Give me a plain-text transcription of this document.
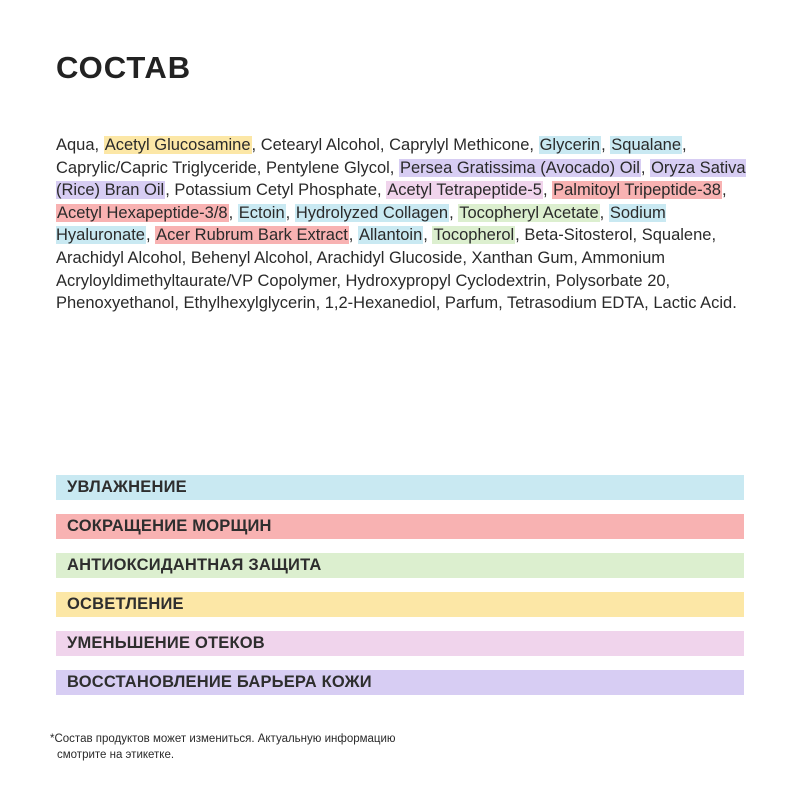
СОСТАВ

Aqua, Acetyl Glucosamine, Cetearyl Alcohol, Caprylyl Methicone, Glycerin, Squalane, Caprylic/Capric Triglyceride, Pentylene Glycol, Persea Gratissima (Avocado) Oil, Oryza Sativa (Rice) Bran Oil, Potassium Cetyl Phosphate, Acetyl Tetrapeptide-5, Palmitoyl Tripeptide-38, Acetyl Hexapeptide-3/8, Ectoin, Hydrolyzed Collagen, Tocopheryl Acetate, Sodium Hyaluronate, Acer Rubrum Bark Extract, Allantoin, Tocopherol, Beta-Sitosterol, Squalene, Arachidyl Alcohol, Behenyl Alcohol, Arachidyl Glucoside, Xanthan Gum, Ammonium Acryloyldimethyltaurate/VP Copolymer, Hydroxypropyl Cyclodextrin, Polysorbate 20, Phenoxyethanol, Ethylhexylglycerin, 1,2-Hexanediol, Parfum, Tetrasodium EDTA, Lactic Acid.

УВЛАЖНЕНИЕ
СОКРАЩЕНИЕ МОРЩИН
АНТИОКСИДАНТНАЯ ЗАЩИТА
ОСВЕТЛЕНИЕ
УМЕНЬШЕНИЕ ОТЕКОВ
ВОССТАНОВЛЕНИЕ БАРЬЕРА КОЖИ
*Состав продуктов может измениться. Актуальную информацию
смотрите на этикетке.
